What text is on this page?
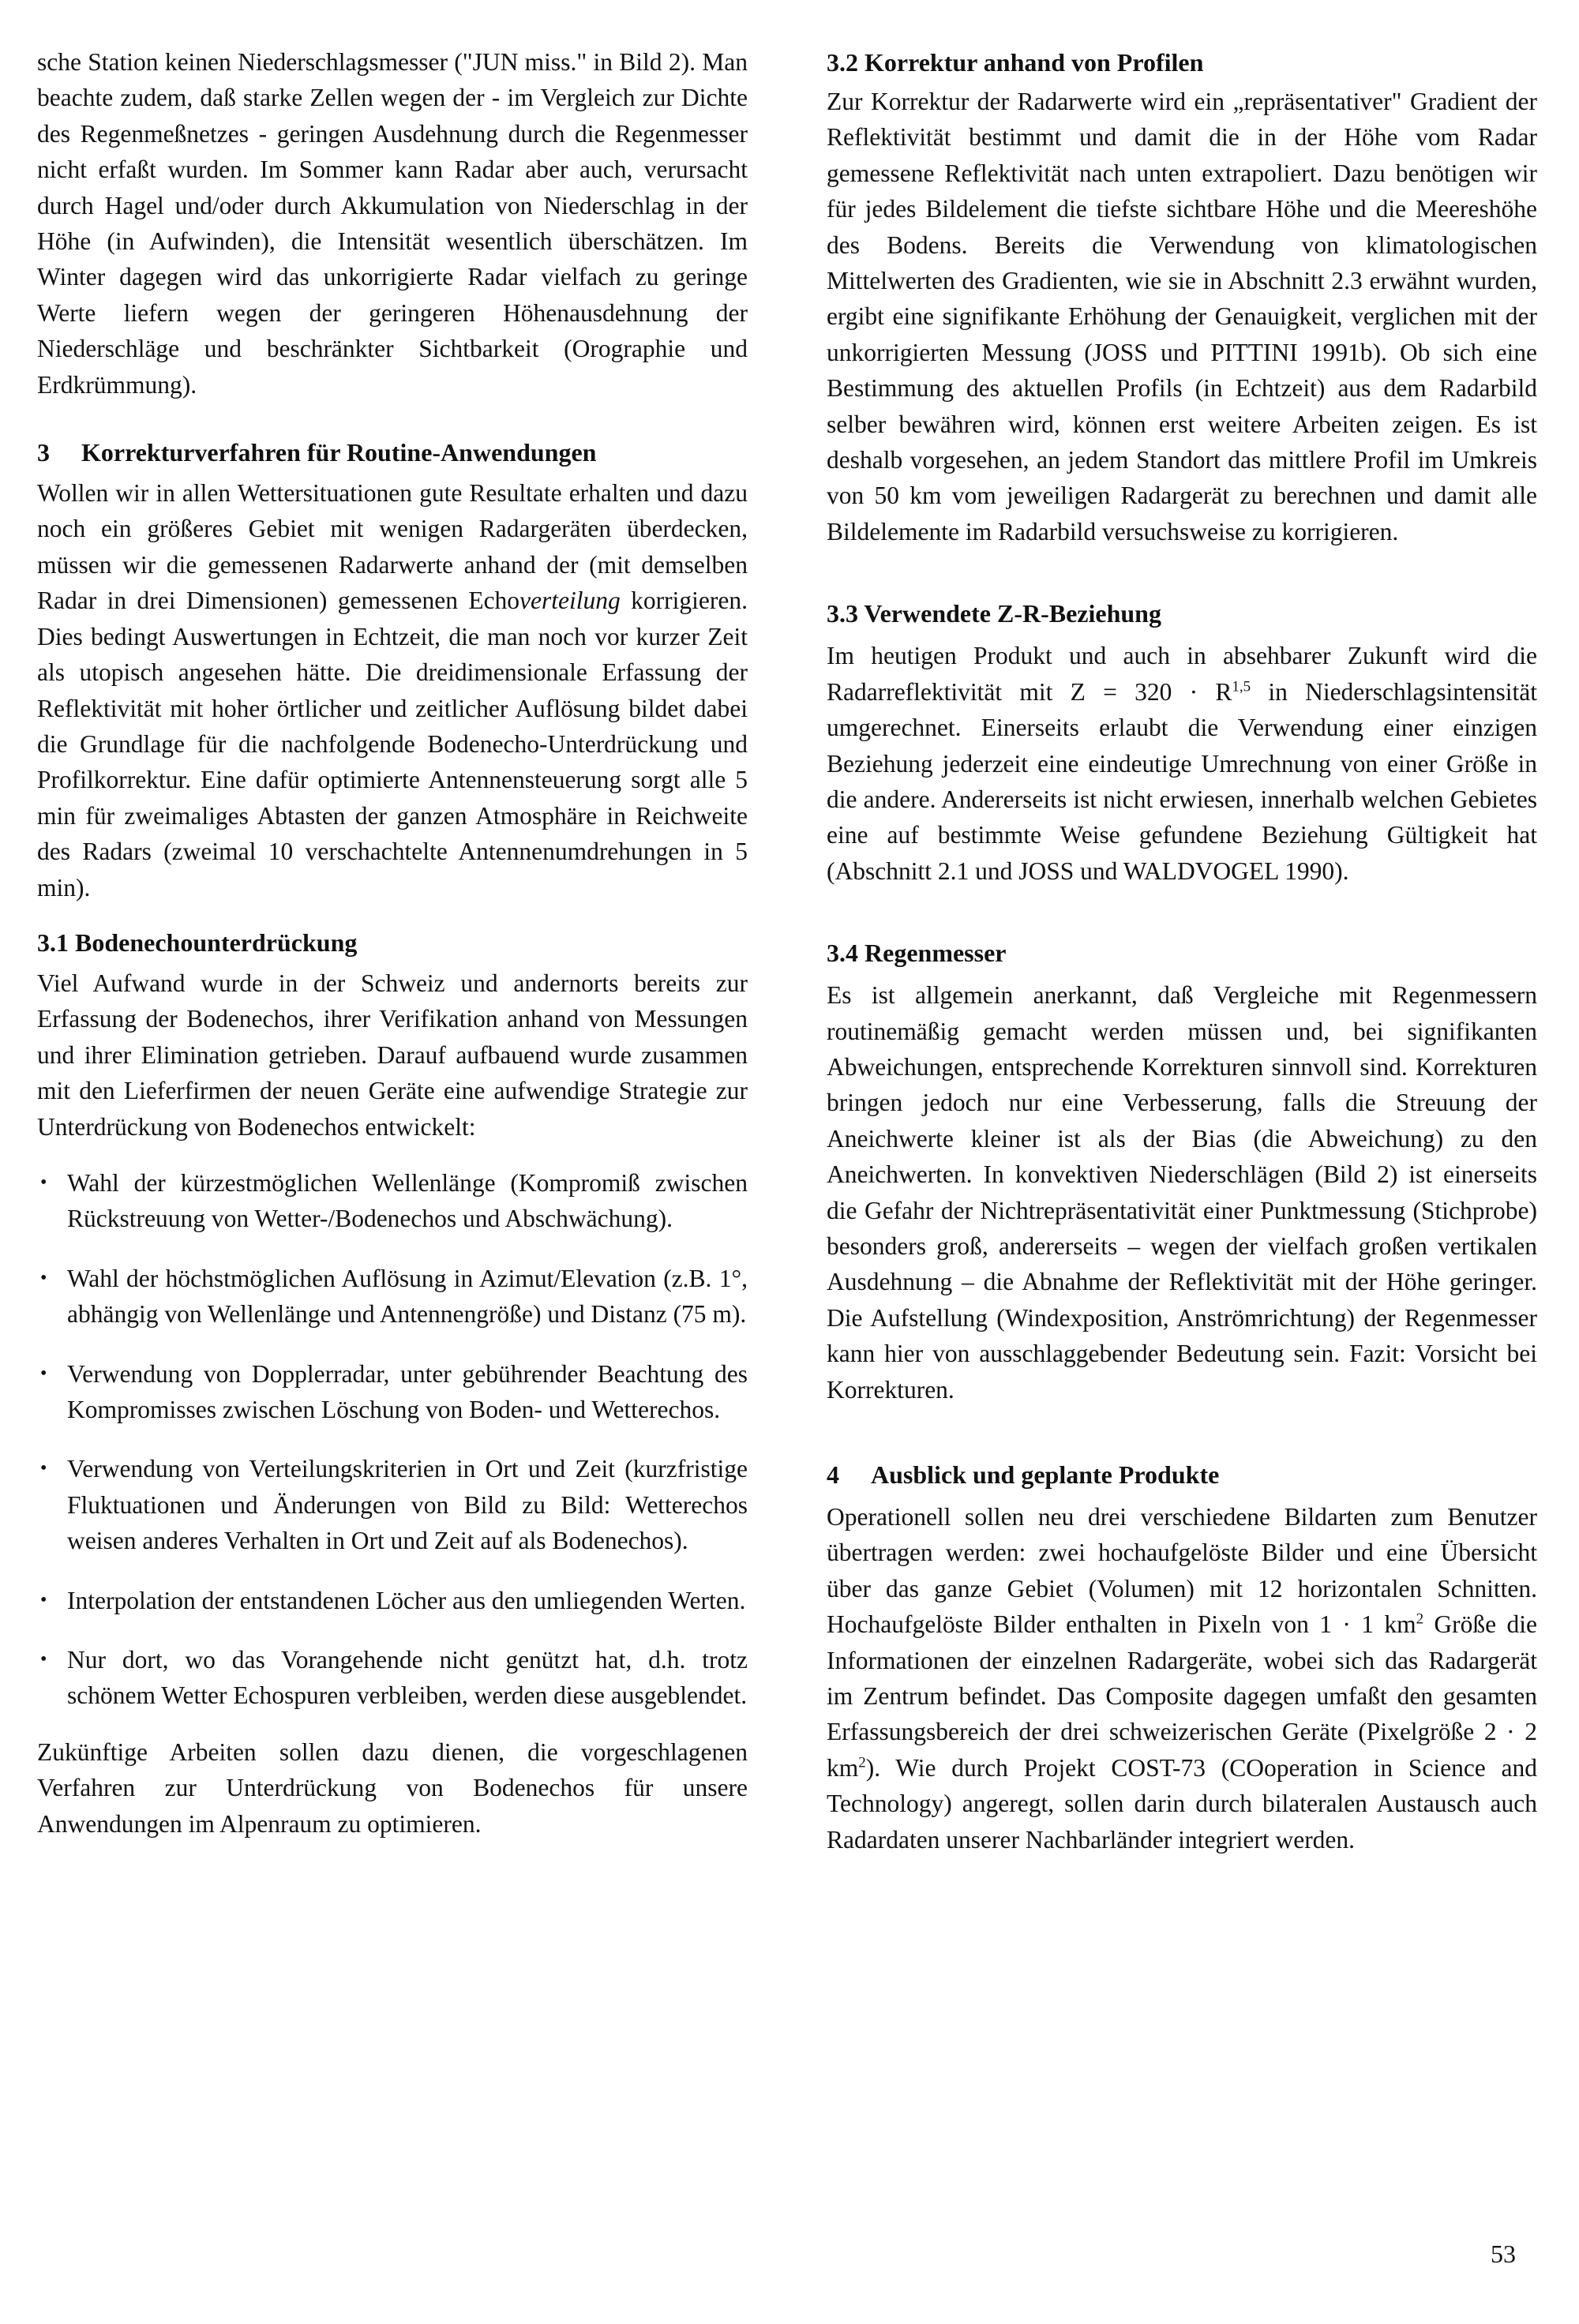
sche Station keinen Niederschlagsmesser ("JUN miss." in Bild 2). Man beachte zudem, daß starke Zellen wegen der - im Vergleich zur Dichte des Regenmeßnetzes - geringen Ausdehnung durch die Regenmesser nicht erfaßt wurden. Im Sommer kann Radar aber auch, verursacht durch Hagel und/oder durch Akkumulation von Niederschlag in der Höhe (in Aufwinden), die Intensität wesentlich überschätzen. Im Winter dagegen wird das unkorrigierte Radar vielfach zu geringe Werte liefern wegen der geringeren Höhenausdehnung der Niederschläge und beschränkter Sichtbarkeit (Orographie und Erdkrümmung).

3 Korrekturverfahren für Routine-Anwendungen

Wollen wir in allen Wettersituationen gute Resultate erhalten und dazu noch ein größeres Gebiet mit wenigen Radargeräten überdecken, müssen wir die gemessenen Radarwerte anhand der (mit demselben Radar in drei Dimensionen) gemessenen Echoverteilung korrigieren. Dies bedingt Auswertungen in Echtzeit, die man noch vor kurzer Zeit als utopisch angesehen hätte. Die dreidimensionale Erfassung der Reflektivität mit hoher örtlicher und zeitlicher Auflösung bildet dabei die Grundlage für die nachfolgende Bodenecho-Unterdrückung und Profilkorrektur. Eine dafür optimierte Antennensteuerung sorgt alle 5 min für zweimaliges Abtasten der ganzen Atmosphäre in Reichweite des Radars (zweimal 10 verschachtelte Antennenumdrehungen in 5 min).

3.1 Bodenechounterdrückung

Viel Aufwand wurde in der Schweiz und andernorts bereits zur Erfassung der Bodenechos, ihrer Verifikation anhand von Messungen und ihrer Elimination getrieben. Darauf aufbauend wurde zusammen mit den Lieferfirmen der neuen Geräte eine aufwendige Strategie zur Unterdrückung von Bodenechos entwickelt:

• Wahl der kürzestmöglichen Wellenlänge (Kompromiß zwischen Rückstreuung von Wetter-/Bodenechos und Abschwächung).
• Wahl der höchstmöglichen Auflösung in Azimut/Elevation (z.B. 1°, abhängig von Wellenlänge und Antennengröße) und Distanz (75 m).
• Verwendung von Dopplerradar, unter gebührender Beachtung des Kompromisses zwischen Löschung von Boden- und Wetterechos.
• Verwendung von Verteilungskriterien in Ort und Zeit (kurzfristige Fluktuationen und Änderungen von Bild zu Bild: Wetterechos weisen anderes Verhalten in Ort und Zeit auf als Bodenechos).
• Interpolation der entstandenen Löcher aus den umliegenden Werten.
• Nur dort, wo das Vorangehende nicht genützt hat, d.h. trotz schönem Wetter Echospuren verbleiben, werden diese ausgeblendet.

Zukünftige Arbeiten sollen dazu dienen, die vorgeschlagenen Verfahren zur Unterdrückung von Bodenechos für unsere Anwendungen im Alpenraum zu optimieren.

3.2 Korrektur anhand von Profilen

Zur Korrektur der Radarwerte wird ein „repräsentativer" Gradient der Reflektivität bestimmt und damit die in der Höhe vom Radar gemessene Reflektivität nach unten extrapoliert. Dazu benötigen wir für jedes Bildelement die tiefste sichtbare Höhe und die Meereshöhe des Bodens. Bereits die Verwendung von klimatologischen Mittelwerten des Gradienten, wie sie in Abschnitt 2.3 erwähnt wurden, ergibt eine signifikante Erhöhung der Genauigkeit, verglichen mit der unkorrigierten Messung (JOSS und PITTINI 1991b). Ob sich eine Bestimmung des aktuellen Profils (in Echtzeit) aus dem Radarbild selber bewähren wird, können erst weitere Arbeiten zeigen. Es ist deshalb vorgesehen, an jedem Standort das mittlere Profil im Umkreis von 50 km vom jeweiligen Radargerät zu berechnen und damit alle Bildelemente im Radarbild versuchsweise zu korrigieren.

3.3 Verwendete Z-R-Beziehung

Im heutigen Produkt und auch in absehbarer Zukunft wird die Radarreflektivität mit Z = 320 · R$^{1,5}$ in Niederschlagsintensität umgerechnet. Einerseits erlaubt die Verwendung einer einzigen Beziehung jederzeit eine eindeutige Umrechnung von einer Größe in die andere. Andererseits ist nicht erwiesen, innerhalb welchen Gebietes eine auf bestimmte Weise gefundene Beziehung Gültigkeit hat (Abschnitt 2.1 und JOSS und WALDVOGEL 1990).

3.4 Regenmesser

Es ist allgemein anerkannt, daß Vergleiche mit Regenmessern routinemäßig gemacht werden müssen und, bei signifikanten Abweichungen, entsprechende Korrekturen sinnvoll sind. Korrekturen bringen jedoch nur eine Verbesserung, falls die Streuung der Aneichwerte kleiner ist als der Bias (die Abweichung) zu den Aneichwerten. In konvektiven Niederschlägen (Bild 2) ist einerseits die Gefahr der Nichtrepräsentativität einer Punktmessung (Stichprobe) besonders groß, andererseits – wegen der vielfach großen vertikalen Ausdehnung – die Abnahme der Reflektivität mit der Höhe geringer. Die Aufstellung (Windexposition, Anströmrichtung) der Regenmesser kann hier von ausschlaggebender Bedeutung sein. Fazit: Vorsicht bei Korrekturen.

4 Ausblick und geplante Produkte

Operationell sollen neu drei verschiedene Bildarten zum Benutzer übertragen werden: zwei hochaufgelöste Bilder und eine Übersicht über das ganze Gebiet (Volumen) mit 12 horizontalen Schnitten. Hochaufgelöste Bilder enthalten in Pixeln von 1 · 1 $km^2$ Größe die Informationen der einzelnen Radargeräte, wobei sich das Radargerät im Zentrum befindet. Das Composite dagegen umfaßt den gesamten Erfassungsbereich der drei schweizerischen Geräte (Pixelgröße 2 · 2 $km^2$). Wie durch Projekt COST-73 (COoperation in Science and Technology) angeregt, sollen darin durch bilateralen Austausch auch Radardaten unserer Nachbarländer integriert werden.

53
